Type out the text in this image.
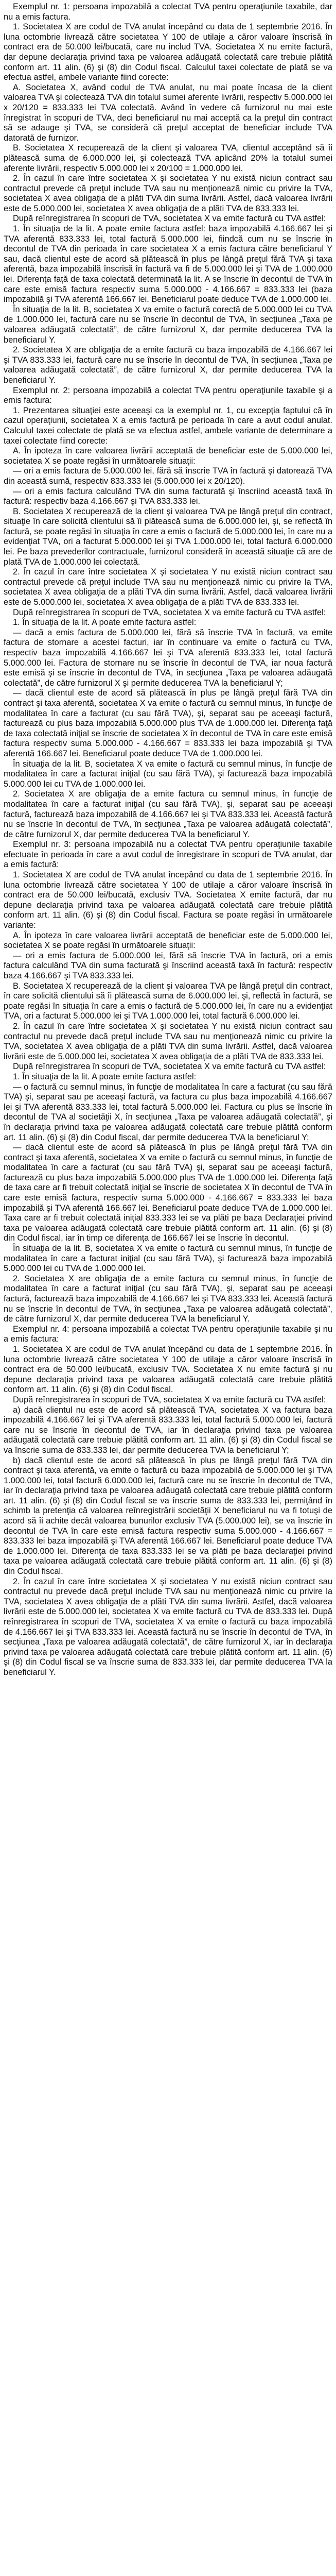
Exemplul nr. 1: persoana impozabilă a colectat TVA pentru operaţiunile taxabile, dar nu a emis factura.

1. Societatea X are codul de TVA anulat începând cu data de 1 septembrie 2016. În luna octombrie livrează către societatea Y 100 de utilaje a căror valoare înscrisă în contract era de 50.000 lei/bucată, care nu includ TVA. Societatea X nu emite factură, dar depune declaraţia privind taxa pe valoarea adăugată colectată care trebuie plătită conform art. 11 alin. (6) şi (8) din Codul fiscal. Calculul taxei colectate de plată se va efectua astfel, ambele variante fiind corecte:

A. Societatea X, având codul de TVA anulat, nu mai poate încasa de la client valoarea TVA şi colectează TVA din totalul sumei aferente livrării, respectiv 5.000.000 lei x 20/120 = 833.333 lei TVA colectată. Având în vedere că furnizorul nu mai este înregistrat în scopuri de TVA, deci beneficiarul nu mai acceptă ca la preţul din contract să se adauge şi TVA, se consideră că preţul acceptat de beneficiar include TVA datorată de furnizor.

B. Societatea X recuperează de la client şi valoarea TVA, clientul acceptând să îi plătească suma de 6.000.000 lei, şi colectează TVA aplicând 20% la totalul sumei aferente livrării, respectiv 5.000.000 lei x 20/100 = 1.000.000 lei.

2. În cazul în care între societatea X şi societatea Y nu există niciun contract sau contractul prevede că preţul include TVA sau nu menţionează nimic cu privire la TVA, societatea X avea obligaţia de a plăti TVA din suma livrării. Astfel, dacă valoarea livrării este de 5.000.000 lei, societatea X avea obligaţia de a plăti TVA de 833.333 lei.

După reînregistrarea în scopuri de TVA, societatea X va emite factură cu TVA astfel:

1. În situaţia de la lit. A poate emite factura astfel: baza impozabilă 4.166.667 lei şi TVA aferentă 833.333 lei, total factură 5.000.000 lei, fiindcă cum nu se înscrie în decontul de TVA din perioada în care societatea X a emis factura către beneficiarul Y sau, dacă clientul este de acord să plătească în plus pe lângă preţul fără TVA şi taxa aferentă, baza impozabilă înscrisă în factură va fi de 5.000.000 lei şi TVA de 1.000.000 lei. Diferenţa faţă de taxa colectată determinată la lit. A se înscrie în decontul de TVA în care este emisă factura respectiv suma 5.000.000 - 4.166.667 = 833.333 lei (baza impozabilă şi TVA aferentă 166.667 lei. Beneficiarul poate deduce TVA de 1.000.000 lei.

În situaţia de la lit. B, societatea X va emite o factură corectă de 5.000.000 lei cu TVA de 1.000.000 lei, factură care nu se înscrie în decontul de TVA, în secţiunea „Taxa pe valoarea adăugată colectată”, de către furnizorul X, dar permite deducerea TVA la beneficiarul Y.

2. Societatea X are obligaţia de a emite factură cu baza impozabilă de 4.166.667 lei şi TVA 833.333 lei, factură care nu se înscrie în decontul de TVA, în secţiunea „Taxa pe valoarea adăugată colectată”, de către furnizorul X, dar permite deducerea TVA la beneficiarul Y.

Exemplul nr. 2: persoana impozabilă a colectat TVA pentru operaţiunile taxabile şi a emis factura:

1. Prezentarea situaţiei este aceeaşi ca la exemplul nr. 1, cu excepţia faptului că în cazul operaţiunii, societatea X a emis factură pe perioada în care a avut codul anulat. Calculul taxei colectate de plată se va efectua astfel, ambele variante de determinare a taxei colectate fiind corecte:

A. În ipoteza în care valoarea livrării acceptată de beneficiar este de 5.000.000 lei, societatea X se poate regăsi în următoarele situaţii:

— ori a emis factura de 5.000.000 lei, fără să înscrie TVA în factură şi datorează TVA din această sumă, respectiv 833.333 lei (5.000.000 lei x 20/120).

— ori a emis factura calculând TVA din suma facturată şi înscriind această taxă în factură: respectiv baza 4.166.667 şi TVA 833.333 lei.

B. Societatea X recuperează de la client şi valoarea TVA pe lângă preţul din contract, situaţie în care solicită clientului să îi plătească suma de 6.000.000 lei, şi, se reflectă în factură, se poate regăsi în situaţia în care a emis o factură de 5.000.000 lei, în care nu a evidenţiat TVA, ori a facturat 5.000.000 lei şi TVA 1.000.000 lei, total factură 6.000.000 lei. Pe baza prevederilor contractuale, furnizorul consideră în această situaţie că are de plată TVA de 1.000.000 lei colectată.

2. În cazul în care între societatea X şi societatea Y nu există niciun contract sau contractul prevede că preţul include TVA sau nu menţionează nimic cu privire la TVA, societatea X avea obligaţia de a plăti TVA din suma livrării. Astfel, dacă valoarea livrării este de 5.000.000 lei, societatea X avea obligaţia de a plăti TVA de 833.333 lei.

După reînregistrarea în scopuri de TVA, societatea X va emite factură cu TVA astfel:

1. În situaţia de la lit. A poate emite factura astfel:

— dacă a emis factura de 5.000.000 lei, fără să înscrie TVA în factură, va emite factura de stornare a acestei facturi, iar în continuare va emite o factură cu TVA, respectiv baza impozabilă 4.166.667 lei şi TVA aferentă 833.333 lei, total factură 5.000.000 lei. Factura de stornare nu se înscrie în decontul de TVA, iar noua factură este emisă şi se înscrie în decontul de TVA, în secţiunea „Taxa pe valoarea adăugată colectată”, de către furnizorul X şi permite deducerea TVA la beneficiarul Y;

— dacă clientul este de acord să plătească în plus pe lângă preţul fără TVA din contract şi taxa aferentă, societatea X va emite o factură cu semnul minus, în funcţie de modalitatea în care a facturat (cu sau fără TVA), şi, separat sau pe aceeaşi factură, facturează cu plus baza impozabilă 5.000.000 plus TVA de 1.000.000 lei. Diferenţa faţă de taxa colectată iniţial se înscrie de societatea X în decontul de TVA în care este emisă factura respectiv suma 5.000.000 - 4.166.667 = 833.333 lei baza impozabilă şi TVA aferentă 166.667 lei. Beneficiarul poate deduce TVA de 1.000.000 lei.

În situaţia de la lit. B, societatea X va emite o factură cu semnul minus, în funcţie de modalitatea în care a facturat iniţial (cu sau fără TVA), şi facturează baza impozabilă 5.000.000 lei cu TVA de 1.000.000 lei.

2. Societatea X are obligaţia de a emite factura cu semnul minus, în funcţie de modalitatea în care a facturat iniţial (cu sau fără TVA), şi, separat sau pe aceeaşi factură, facturează baza impozabilă de 4.166.667 lei şi TVA 833.333 lei. Această factură nu se înscrie în decontul de TVA, în secţiunea „Taxa pe valoarea adăugată colectată”, de către furnizorul X, dar permite deducerea TVA la beneficiarul Y.

Exemplul nr. 3: persoana impozabilă nu a colectat TVA pentru operaţiunile taxabile efectuate în perioada în care a avut codul de înregistrare în scopuri de TVA anulat, dar a emis factură:

1. Societatea X are codul de TVA anulat începând cu data de 1 septembrie 2016. În luna octombrie livrează către societatea Y 100 de utilaje a căror valoare înscrisă în contract era de 50.000 lei/bucată, exclusiv TVA. Societatea X emite factură, dar nu depune declaraţia privind taxa pe valoarea adăugată colectată care trebuie plătită conform art. 11 alin. (6) şi (8) din Codul fiscal. Factura se poate regăsi în următoarele variante:

A. În ipoteza în care valoarea livrării acceptată de beneficiar este de 5.000.000 lei, societatea X se poate regăsi în următoarele situaţii:

— ori a emis factura de 5.000.000 lei, fără să înscrie TVA în factură, ori a emis factura calculând TVA din suma facturată şi înscriind această taxă în factură: respectiv baza 4.166.667 şi TVA 833.333 lei.

B. Societatea X recuperează de la client şi valoarea TVA pe lângă preţul din contract, în care solicită clientului să îi plătească suma de 6.000.000 lei, şi, reflectă în factură, se poate regăsi în situaţia în care a emis o factură de 5.000.000 lei, în care nu a evidenţiat TVA, ori a facturat 5.000.000 lei şi TVA 1.000.000 lei, total factură 6.000.000 lei.

2. În cazul în care între societatea X şi societatea Y nu există niciun contract sau contractul nu prevede dacă preţul include TVA sau nu menţionează nimic cu privire la TVA, societatea X avea obligaţia de a plăti TVA din suma livrării. Astfel, dacă valoarea livrării este de 5.000.000 lei, societatea X avea obligaţia de a plăti TVA de 833.333 lei.

După reînregistrarea în scopuri de TVA, societatea X va emite factură cu TVA astfel:

1. În situaţia de la lit. A poate emite factura astfel:

— o factură cu semnul minus, în funcţie de modalitatea în care a facturat (cu sau fără TVA) şi, separat sau pe aceeaşi factură, va factura cu plus baza impozabilă 4.166.667 lei şi TVA aferentă 833.333 lei, total factură 5.000.000 lei. Factura cu plus se înscrie în decontul de TVA al societăţii X, în secţiunea „Taxa pe valoarea adăugată colectată”, şi în declaraţia privind taxa pe valoarea adăugată colectată care trebuie plătită conform art. 11 alin. (6) şi (8) din Codul fiscal, dar permite deducerea TVA la beneficiarul Y;

— dacă clientul este de acord să plătească în plus pe lângă preţul fără TVA din contract şi taxa aferentă, societatea X va emite o factură cu semnul minus, în funcţie de modalitatea în care a facturat (cu sau fără TVA) şi, separat sau pe aceeaşi factură, facturează cu plus baza impozabilă 5.000.000 plus TVA de 1.000.000 lei. Diferenţa faţă de taxa care ar fi trebuit colectată iniţial se înscrie de societatea X în decontul de TVA în care este emisă factura, respectiv suma 5.000.000 - 4.166.667 = 833.333 lei baza impozabilă şi TVA aferentă 166.667 lei. Beneficiarul poate deduce TVA de 1.000.000 lei. Taxa care ar fi trebuit colectată iniţial 833.333 lei se va plăti pe baza Declaraţiei privind taxa pe valoarea adăugată colectată care trebuie plătită conform art. 11 alin. (6) şi (8) din Codul fiscal, iar în timp ce diferenţa de 166.667 lei se înscrie în decontul.

În situaţia de la lit. B, societatea X va emite o factură cu semnul minus, în funcţie de modalitatea în care a facturat iniţial (cu sau fără TVA), şi facturează baza impozabilă 5.000.000 lei cu TVA de 1.000.000 lei.

2. Societatea X are obligaţia de a emite factura cu semnul minus, în funcţie de modalitatea în care a facturat iniţial (cu sau fără TVA), şi, separat sau pe aceeaşi factură, facturează baza impozabilă de 4.166.667 lei şi TVA 833.333 lei. Această factură nu se înscrie în decontul de TVA, în secţiunea „Taxa pe valoarea adăugată colectată”, de către furnizorul X, dar permite deducerea TVA la beneficiarul Y.

Exemplul nr. 4: persoana impozabilă a colectat TVA pentru operaţiunile taxabile şi nu a emis factura:

1. Societatea X are codul de TVA anulat începând cu data de 1 septembrie 2016. În luna octombrie livrează către societatea Y 100 de utilaje a căror valoare înscrisă în contract era de 50.000 lei/bucată, exclusiv TVA. Societatea X nu emite factură şi nu depune declaraţia privind taxa pe valoarea adăugată colectată care trebuie plătită conform art. 11 alin. (6) şi (8) din Codul fiscal.

După reînregistrarea în scopuri de TVA, societatea X va emite factură cu TVA astfel:

a) dacă clientul nu este de acord să plătească TVA, societatea X va factura baza impozabilă 4.166.667 lei şi TVA aferentă 833.333 lei, total factură 5.000.000 lei, factură care nu se înscrie în decontul de TVA, iar în declaraţia privind taxa pe valoarea adăugată colectată care trebuie plătită conform art. 11 alin. (6) şi (8) din Codul fiscal se va înscrie suma de 833.333 lei, dar permite deducerea TVA la beneficiarul Y;

b) dacă clientul este de acord să plătească în plus pe lângă preţul fără TVA din contract şi taxa aferentă, va emite o factură cu baza impozabilă de 5.000.000 lei şi TVA 1.000.000 lei, total factură 6.000.000 lei, factură care nu se înscrie în decontul de TVA, iar în declaraţia privind taxa pe valoarea adăugată colectată care trebuie plătită conform art. 11 alin. (6) şi (8) din Codul fiscal se va înscrie suma de 833.333 lei, permiţând în schimb la pretenţia că valoarea reînregistrării societăţii X beneficiarul nu va fi totuşi de acord să îi achite decât valoarea bunurilor exclusiv TVA (5.000.000 lei), se va înscrie în decontul de TVA în care este emisă factura respectiv suma 5.000.000 - 4.166.667 = 833.333 lei baza impozabilă şi TVA aferentă 166.667 lei. Beneficiarul poate deduce TVA de 1.000.000 lei. Diferenţa de taxa 833.333 lei se va plăti pe baza declaraţiei privind taxa pe valoarea adăugată colectată care trebuie plătită conform art. 11 alin. (6) şi (8) din Codul fiscal.

2. În cazul în care între societatea X şi societatea Y nu există niciun contract sau contractul nu prevede dacă preţul include TVA sau nu menţionează nimic cu privire la TVA, societatea X avea obligaţia de a plăti TVA din suma livrării. Astfel, dacă valoarea livrării este de 5.000.000 lei, societatea X va emite factură cu TVA de 833.333 lei. După reînregistrarea în scopuri de TVA, societatea X va emite o factură cu baza impozabilă de 4.166.667 lei şi TVA 833.333 lei. Această factură nu se înscrie în decontul de TVA, în secţiunea „Taxa pe valoarea adăugată colectată”, de către furnizorul X, iar în declaraţia privind taxa pe valoarea adăugată colectată care trebuie plătită conform art. 11 alin. (6) şi (8) din Codul fiscal se va înscrie suma de 833.333 lei, dar permite deducerea TVA la beneficiarul Y.
